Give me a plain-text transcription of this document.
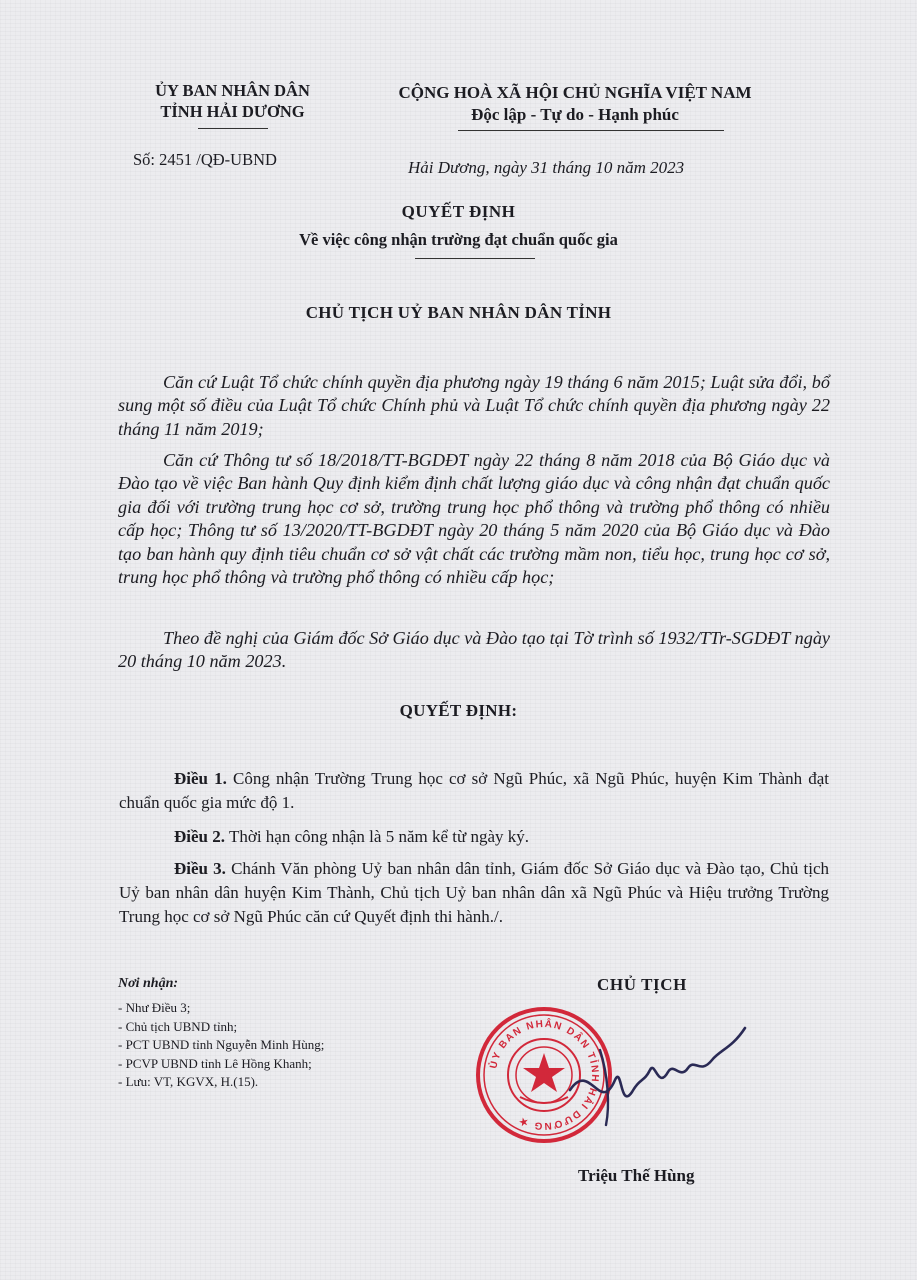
ỦY BAN NHÂN DÂN
TỈNH HẢI DƯƠNG
CỘNG HOÀ XÃ HỘI CHỦ NGHĨA VIỆT NAM
Độc lập - Tự do - Hạnh phúc
Số: 2451 /QĐ-UBND	Hải Dương, ngày 31 tháng 10 năm 2023
QUYẾT ĐỊNH
Về việc công nhận trường đạt chuẩn quốc gia
CHỦ TỊCH UỶ BAN NHÂN DÂN TỈNH
Căn cứ Luật Tổ chức chính quyền địa phương ngày 19 tháng 6 năm 2015; Luật sửa đổi, bổ sung một số điều của Luật Tổ chức Chính phủ và Luật Tổ chức chính quyền địa phương ngày 22 tháng 11 năm 2019;
Căn cứ Thông tư số 18/2018/TT-BGDĐT ngày 22 tháng 8 năm 2018 của Bộ Giáo dục và Đào tạo về việc Ban hành Quy định kiểm định chất lượng giáo dục và công nhận đạt chuẩn quốc gia đối với trường trung học cơ sở, trường trung học phổ thông và trường phổ thông có nhiều cấp học; Thông tư số 13/2020/TT-BGDĐT ngày 20 tháng 5 năm 2020 của Bộ Giáo dục và Đào tạo ban hành quy định tiêu chuẩn cơ sở vật chất các trường mầm non, tiểu học, trung học cơ sở, trung học phổ thông và trường phổ thông có nhiều cấp học;
Theo đề nghị của Giám đốc Sở Giáo dục và Đào tạo tại Tờ trình số 1932/TTr-SGDĐT ngày 20 tháng 10 năm 2023.
QUYẾT ĐỊNH:
Điều 1. Công nhận Trường Trung học cơ sở Ngũ Phúc, xã Ngũ Phúc, huyện Kim Thành đạt chuẩn quốc gia mức độ 1.
Điều 2. Thời hạn công nhận là 5 năm kể từ ngày ký.
Điều 3. Chánh Văn phòng Uỷ ban nhân dân tỉnh, Giám đốc Sở Giáo dục và Đào tạo, Chủ tịch Uỷ ban nhân dân huyện Kim Thành, Chủ tịch Uỷ ban nhân dân xã Ngũ Phúc và Hiệu trưởng Trường Trung học cơ sở Ngũ Phúc căn cứ Quyết định thi hành./.
Nơi nhận:
- Như Điều 3;
- Chủ tịch UBND tỉnh;
- PCT UBND tỉnh Nguyễn Minh Hùng;
- PCVP UBND tỉnh Lê Hồng Khanh;
- Lưu: VT, KGVX, H.(15).
CHỦ TỊCH
ỦY BAN NHÂN DÂN TỈNH HẢI DƯƠNG ★
Triệu Thế Hùng
